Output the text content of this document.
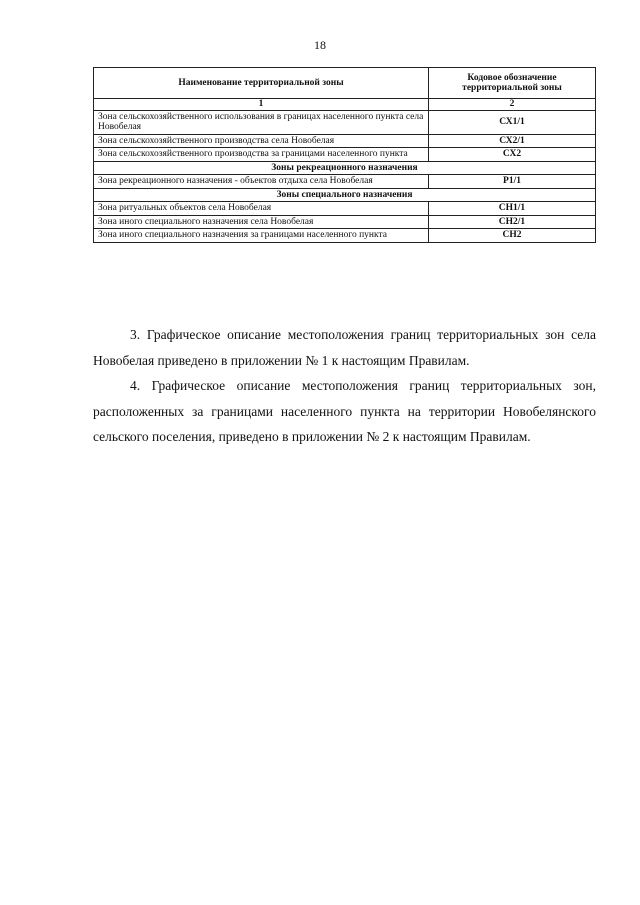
18
Наименование территориальной зоны	Кодовое обозначение территориальной зоны
1	2
Зона сельскохозяйственного использования в границах населенного пункта села Новобелая	СХ1/1
Зона сельскохозяйственного производства села Новобелая	СХ2/1
Зона сельскохозяйственного производства за границами населенного пункта	СХ2
Зоны рекреационного назначения	
Зона рекреационного назначения - объектов отдыха села Новобелая	Р1/1
Зоны специального назначения	
Зона ритуальных объектов села Новобелая	СН1/1
Зона иного специального назначения села Новобелая	СН2/1
Зона иного специального назначения за границами населенного пункта	СН2

3. Графическое описание местоположения границ территориальных зон села Новобелая приведено в приложении № 1 к настоящим Правилам.

4. Графическое описание местоположения границ территориальных зон, расположенных за границами населенного пункта на территории Новобелянского сельского поселения, приведено в приложении № 2 к настоящим Правилам.
